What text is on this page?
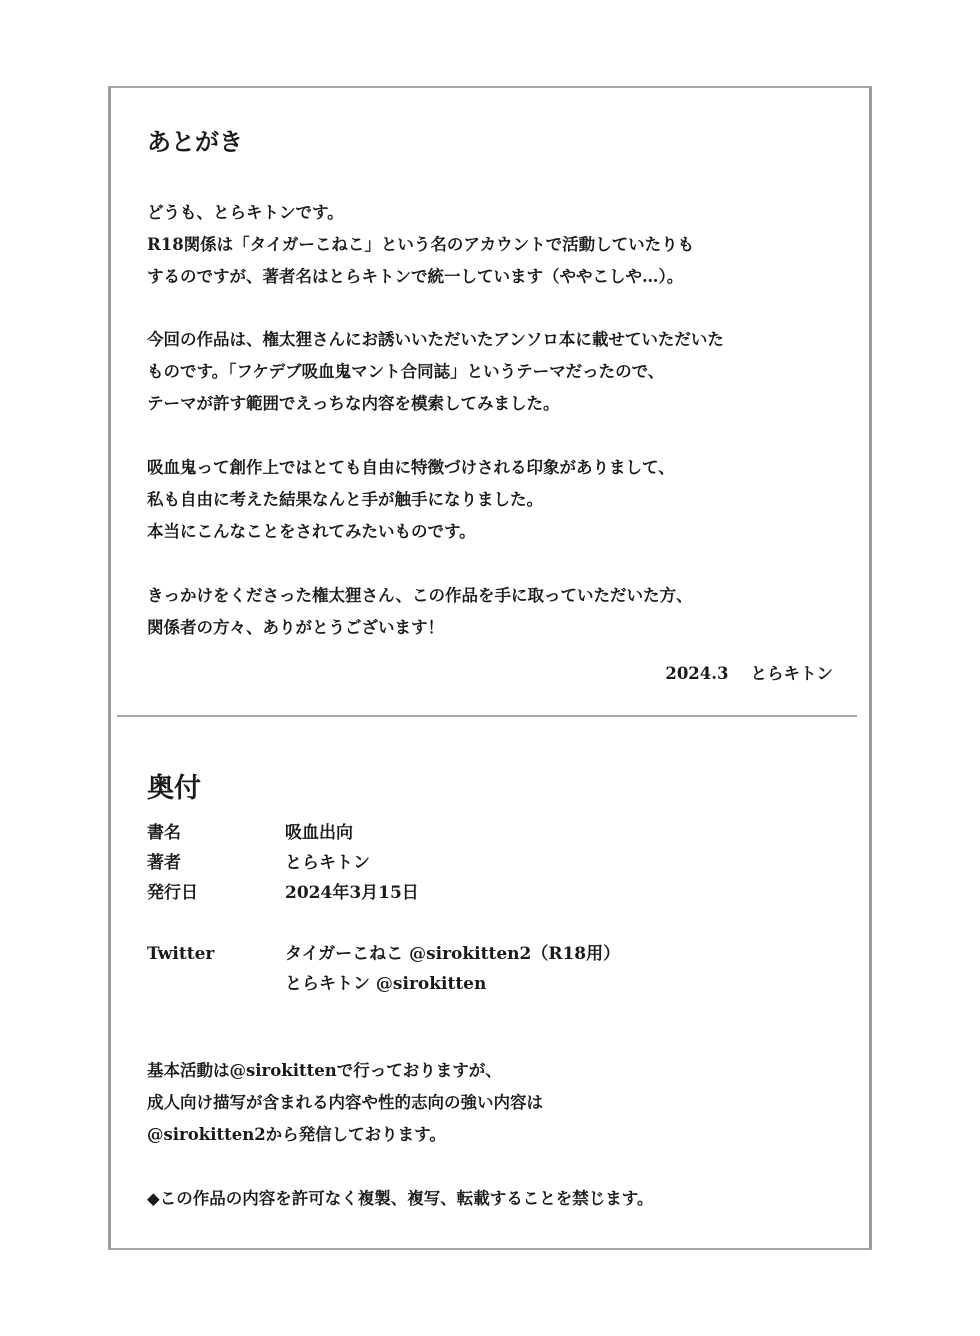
あとがき
どうも、とらキトンです。
R18関係は「タイガーこねこ」という名のアカウントで活動していたりも
するのですが、著者名はとらキトンで統一しています（ややこしや…）。
今回の作品は、権太狸さんにお誘いいただいたアンソロ本に載せていただいた
ものです。「フケデブ吸血鬼マント合同誌」というテーマだったので、
テーマが許す範囲でえっちな内容を模索してみました。
吸血鬼って創作上ではとても自由に特徴づけされる印象がありまして、
私も自由に考えた結果なんと手が触手になりました。
本当にこんなことをされてみたいものです。
きっかけをくださった権太狸さん、この作品を手に取っていただいた方、
関係者の方々、ありがとうございます！
2024.3 とらキトン
奥付
書名	吸血出向
著者	とらキトン
発行日	2024年3月15日
Twitter	タイガーこねこ @sirokitten2（R18用）
とらキトン @sirokitten
基本活動は@sirokittenで行っておりますが、
成人向け描写が含まれる内容や性的志向の強い内容は
@sirokitten2から発信しております。
◆この作品の内容を許可なく複製、複写、転載することを禁じます。
